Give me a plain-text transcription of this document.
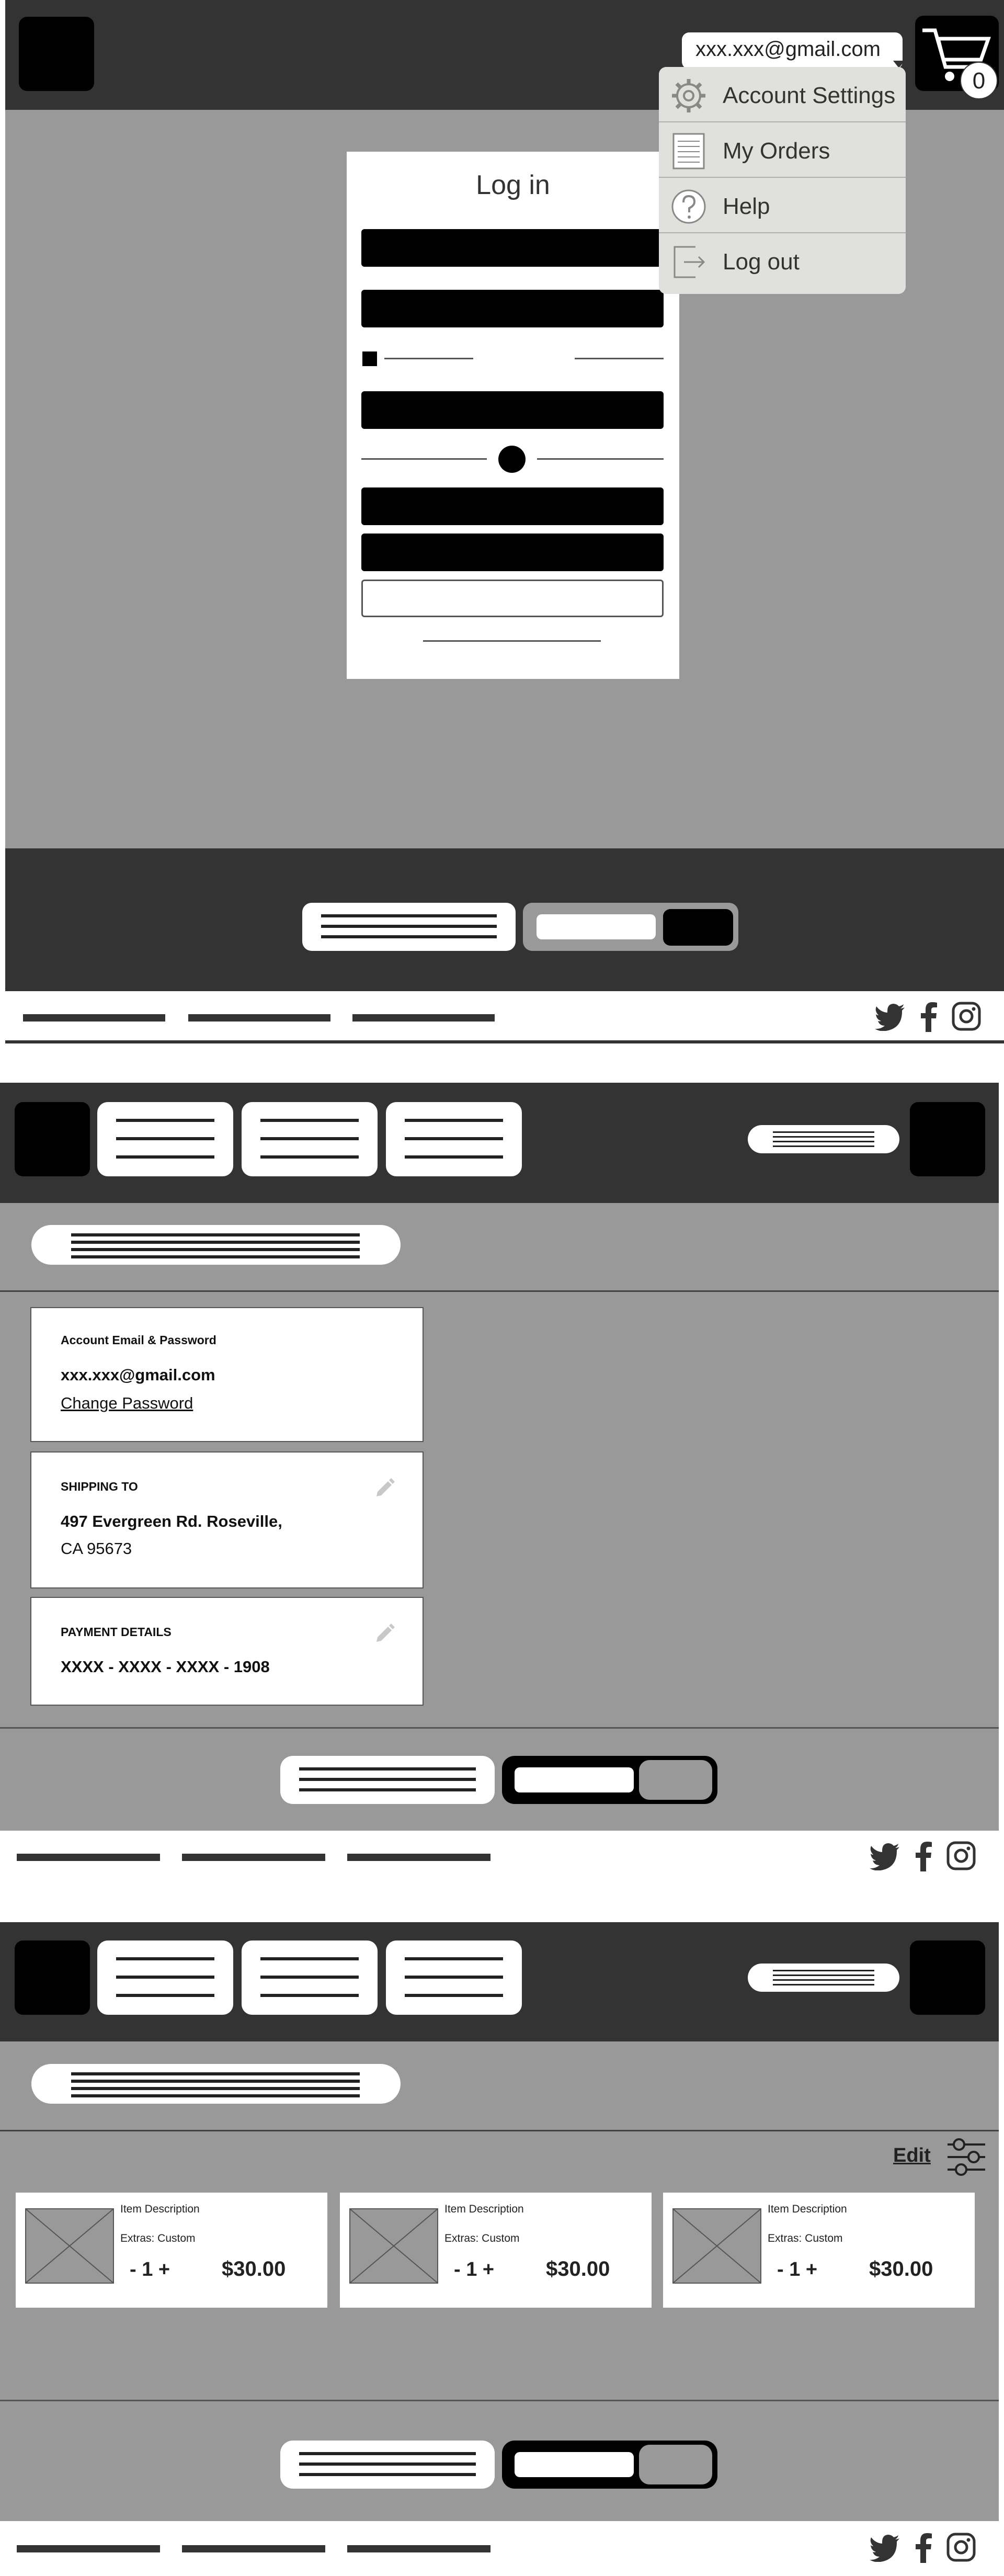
xxx.xxx@gmail.com
0
Log in
Account Settings
My Orders
Help
Log out
Account Email & Password
xxx.xxx@gmail.com
Change Password
SHIPPING TO
497 Evergreen Rd. Roseville,
CA 95673
PAYMENT DETAILS
XXXX - XXXX - XXXX - 1908
Edit
Item Description
Extras: Custom
- 1 + $30.00
Item Description
Extras: Custom
- 1 + $30.00
Item Description
Extras: Custom
- 1 + $30.00
